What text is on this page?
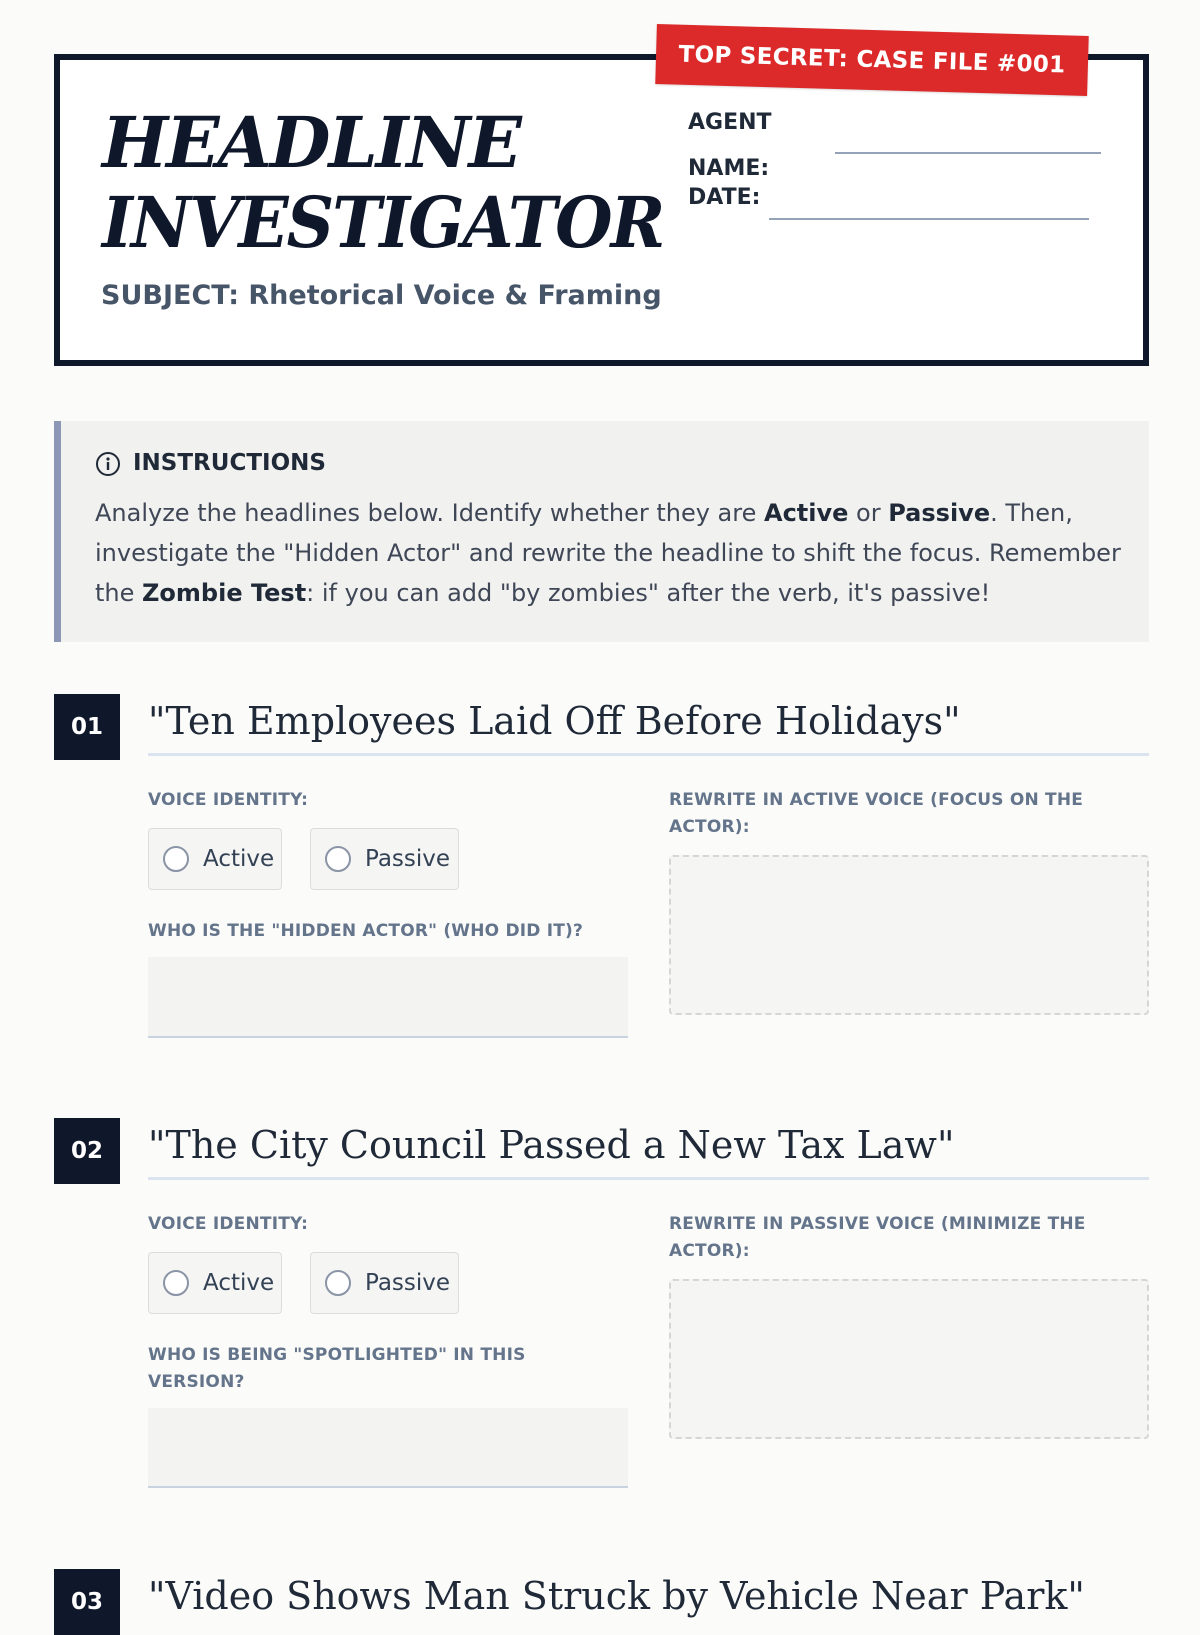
TOP SECRET: CASE FILE #001
HEADLINE
INVESTIGATOR
SUBJECT: Rhetorical Voice & Framing
AGENT NAME:
DATE:
INSTRUCTIONS
Analyze the headlines below. Identify whether they are Active or Passive. Then, investigate the "Hidden Actor" and rewrite the headline to shift the focus. Remember the Zombie Test: if you can add "by zombies" after the verb, it's passive!
01	"Ten Employees Laid Off Before Holidays"
VOICE IDENTITY:
Active	Passive
WHO IS THE "HIDDEN ACTOR" (WHO DID IT)?
REWRITE IN ACTIVE VOICE (FOCUS ON THE ACTOR):
02	"The City Council Passed a New Tax Law"
VOICE IDENTITY:
Active	Passive
WHO IS BEING "SPOTLIGHTED" IN THIS VERSION?
REWRITE IN PASSIVE VOICE (MINIMIZE THE ACTOR):
03	"Video Shows Man Struck by Vehicle Near Park"
